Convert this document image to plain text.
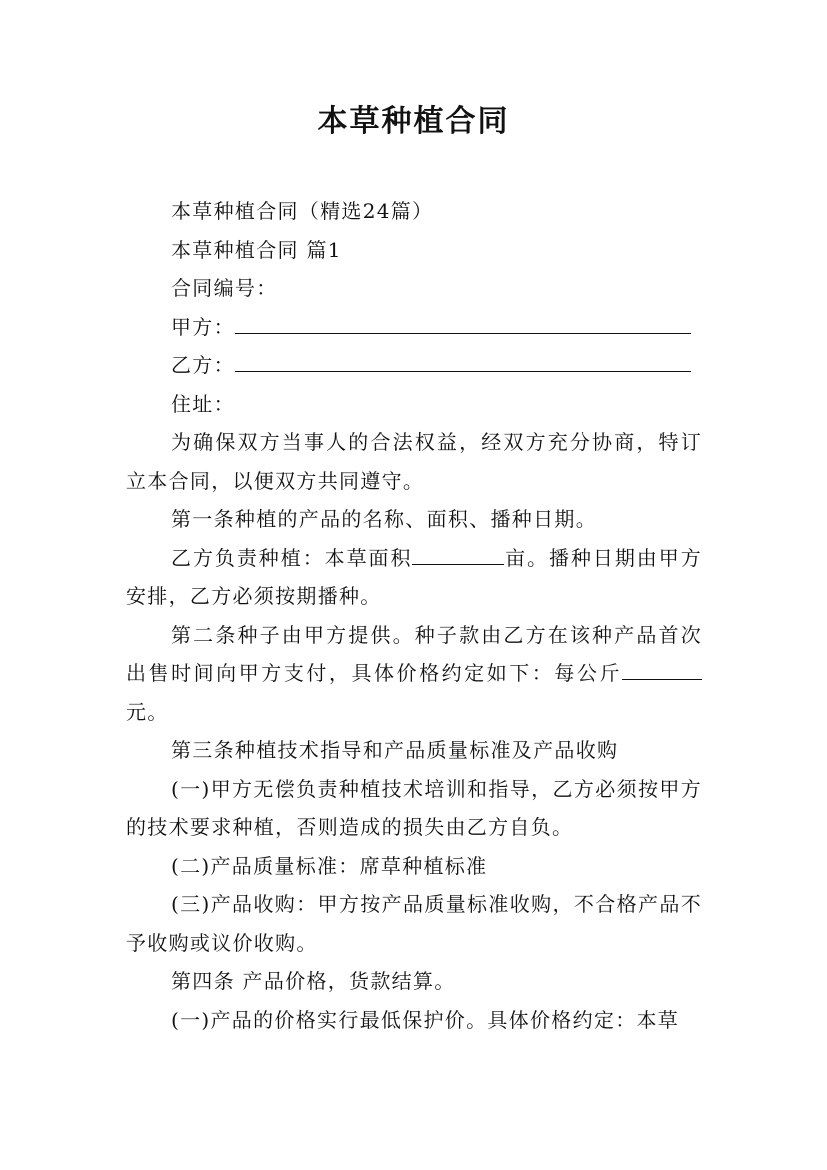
本草种植合同

本草种植合同（精选24篇）

本草种植合同 篇1

合同编号：

甲方：

乙方：

住址：

为确保双方当事人的合法权益，经双方充分协商，特订立本合同，以便双方共同遵守。

第一条种植的产品的名称、面积、播种日期。

乙方负责种植：本草面积	亩。播种日期由甲方安排，乙方必须按期播种。

第二条种子由甲方提供。种子款由乙方在该种产品首次出售时间向甲方支付，具体价格约定如下：每公斤元。

第三条种植技术指导和产品质量标准及产品收购

(一)甲方无偿负责种植技术培训和指导，乙方必须按甲方的技术要求种植，否则造成的损失由乙方自负。

(二)产品质量标准：席草种植标准

(三)产品收购：甲方按产品质量标准收购，不合格产品不予收购或议价收购。

第四条 产品价格，货款结算。

(一)产品的价格实行最低保护价。具体价格约定：本草
